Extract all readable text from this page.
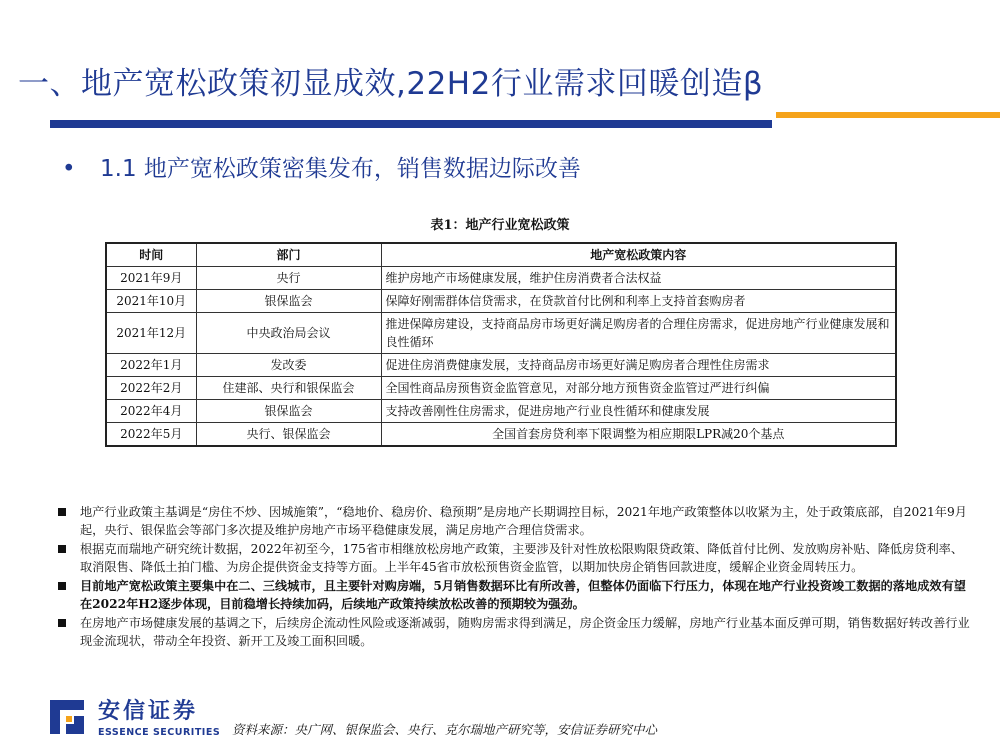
一、地产宽松政策初显成效,22H2行业需求回暖创造β
• 1.1 地产宽松政策密集发布，销售数据边际改善
表1：地产行业宽松政策
时间	部门	地产宽松政策内容
2021年9月	央行	维护房地产市场健康发展，维护住房消费者合法权益
2021年10月	银保监会	保障好刚需群体信贷需求，在贷款首付比例和利率上支持首套购房者
2021年12月	中央政治局会议	推进保障房建设，支持商品房市场更好满足购房者的合理住房需求，促进房地产行业健康发展和良性循环
2022年1月	发改委	促进住房消费健康发展，支持商品房市场更好满足购房者合理性住房需求
2022年2月	住建部、央行和银保监会	全国性商品房预售资金监管意见，对部分地方预售资金监管过严进行纠偏
2022年4月	银保监会	支持改善刚性住房需求，促进房地产行业良性循环和健康发展
2022年5月	央行、银保监会	全国首套房贷利率下限调整为相应期限LPR减20个基点
地产行业政策主基调是“房住不炒、因城施策”，“稳地价、稳房价、稳预期”是房地产长期调控目标，2021年地产政策整体以收紧为主，处于政策底部，自2021年9月起，央行、银保监会等部门多次提及维护房地产市场平稳健康发展，满足房地产合理信贷需求。
根据克而瑞地产研究统计数据，2022年初至今，175省市相继放松房地产政策，主要涉及针对性放松限购限贷政策、降低首付比例、发放购房补贴、降低房贷利率、取消限售、降低土拍门槛、为房企提供资金支持等方面。上半年45省市放松预售资金监管，以期加快房企销售回款进度，缓解企业资金周转压力。
目前地产宽松政策主要集中在二、三线城市，且主要针对购房端，5月销售数据环比有所改善，但整体仍面临下行压力，体现在地产行业投资竣工数据的落地成效有望在2022年H2逐步体现，目前稳增长持续加码，后续地产政策持续放松改善的预期较为强劲。
在房地产市场健康发展的基调之下，后续房企流动性风险或逐渐减弱，随购房需求得到满足，房企资金压力缓解，房地产行业基本面反弹可期，销售数据好转改善行业现金流现状，带动全年投资、新开工及竣工面积回暖。
安信证券
ESSENCE SECURITIES 资料来源：央广网、银保监会、央行、克尔瑞地产研究等，安信证券研究中心
